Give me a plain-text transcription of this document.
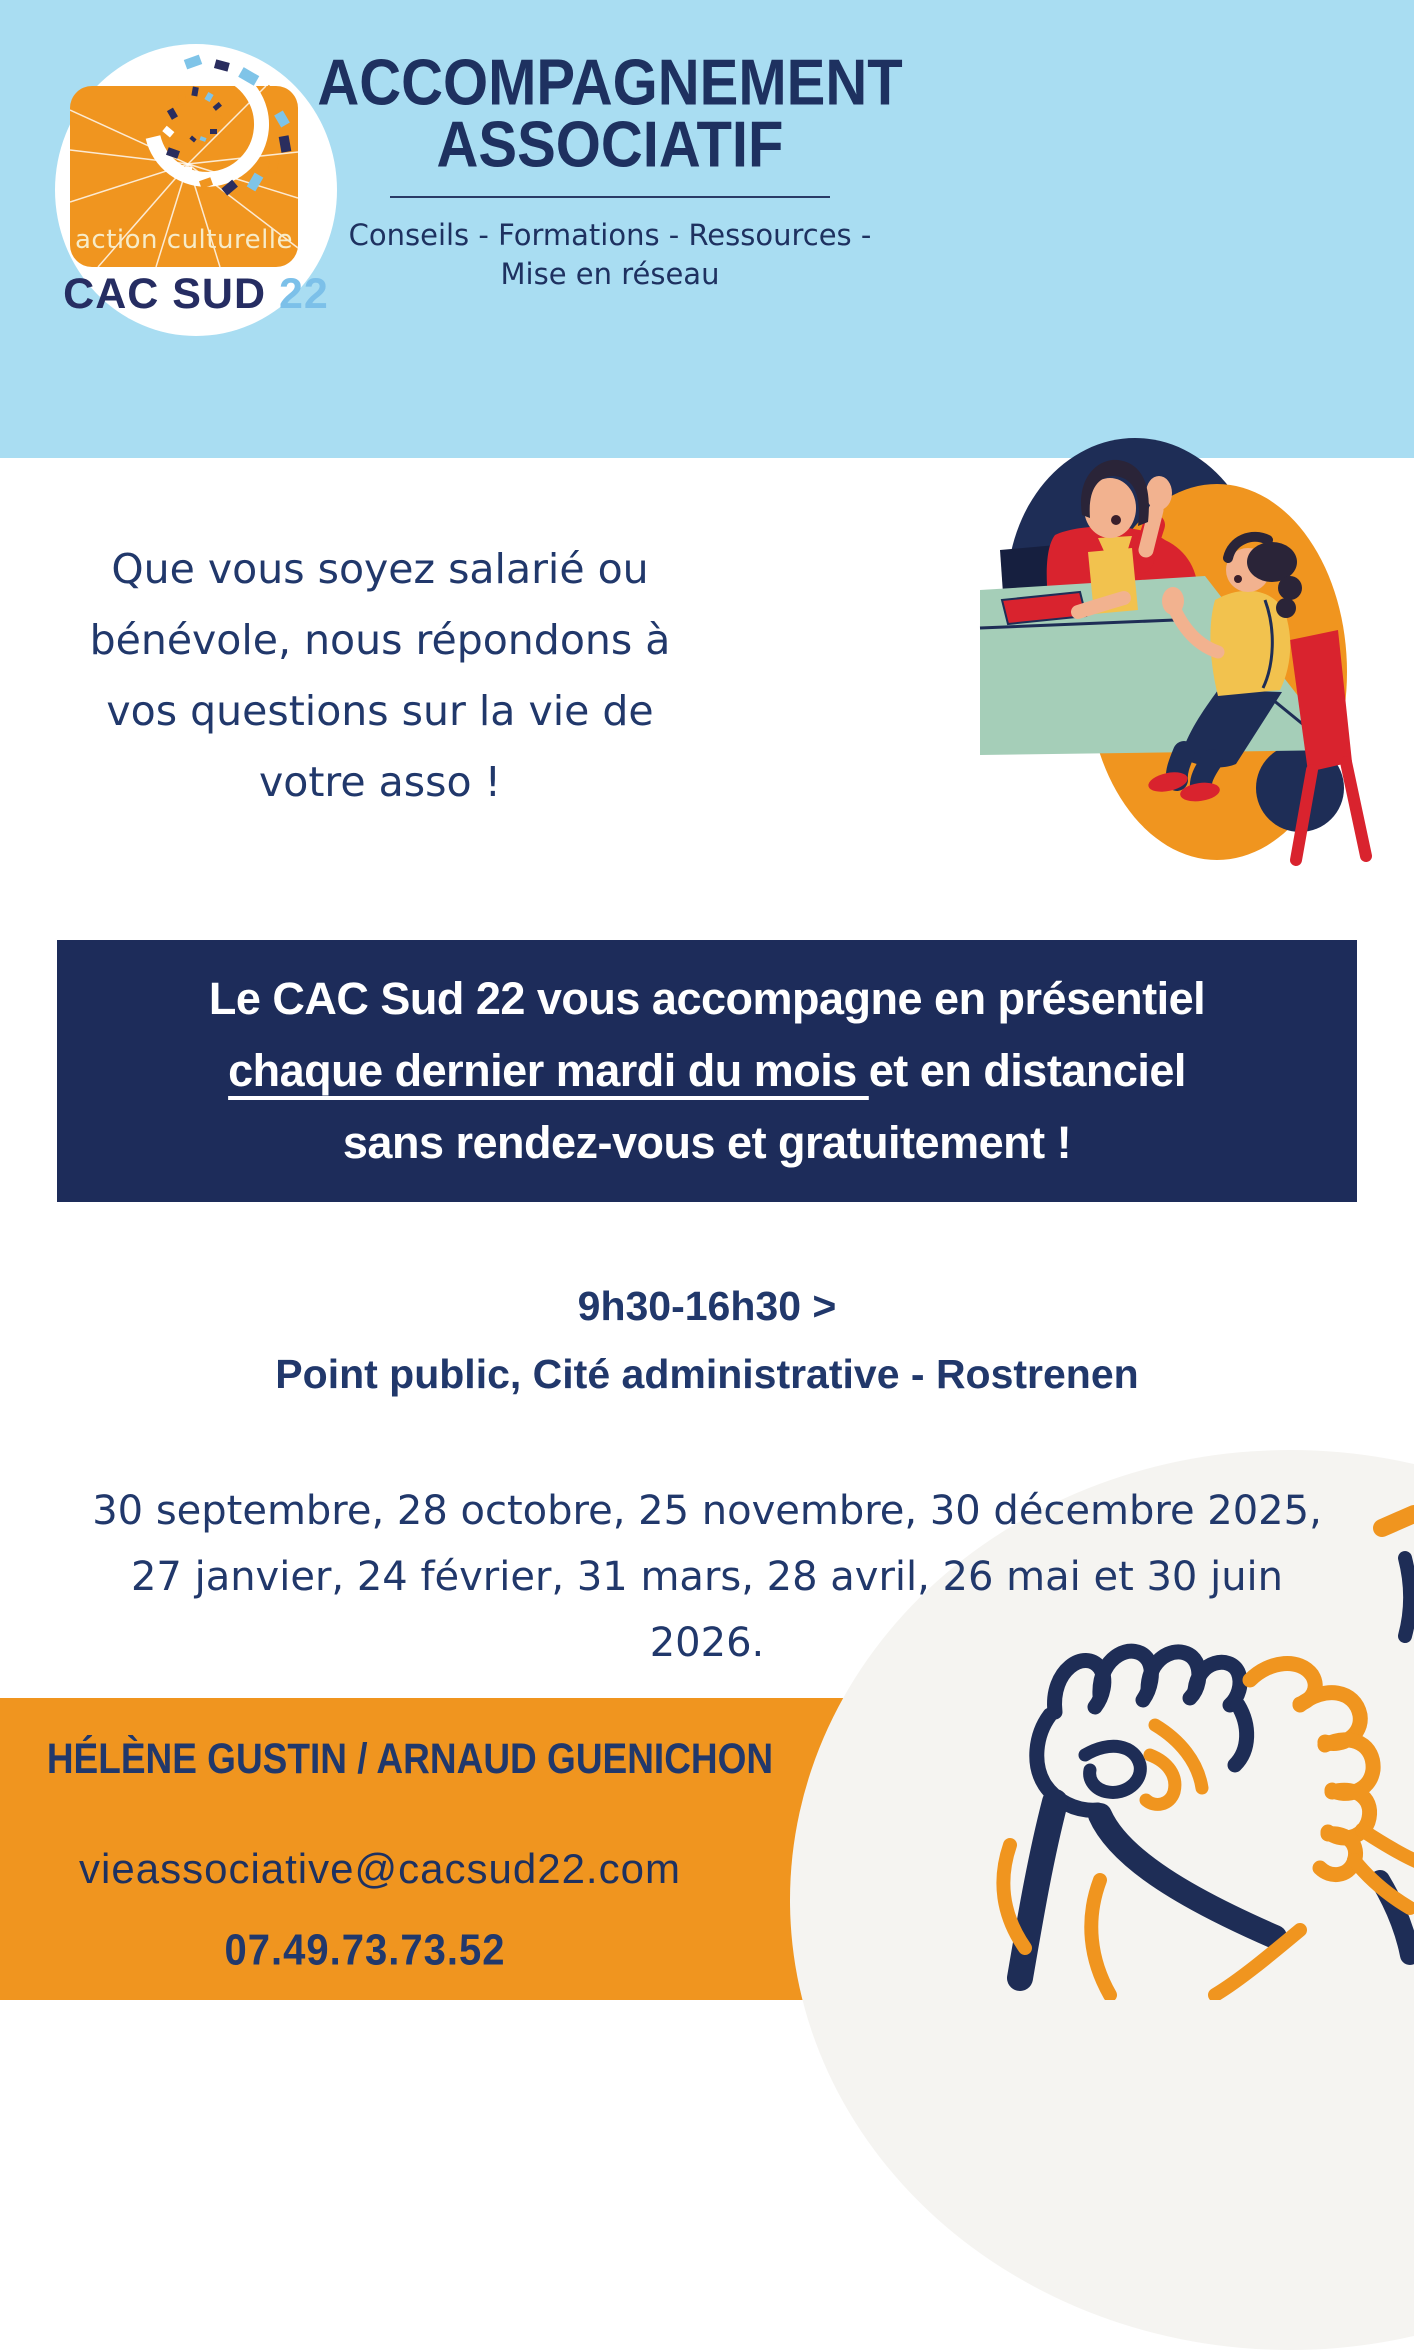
action culturelle
CAC SUD 22
ACCOMPAGNEMENT
ASSOCIATIF
Conseils - Formations - Ressources -
Mise en réseau
Que vous soyez salarié ou
bénévole, nous répondons à
vos questions sur la vie de
votre asso !
Le CAC Sud 22 vous accompagne en présentiel
chaque dernier mardi du mois et en distanciel
sans rendez-vous et gratuitement !
9h30-16h30 >
Point public, Cité administrative - Rostrenen
30 septembre, 28 octobre, 25 novembre, 30 décembre 2025,
27 janvier, 24 février, 31 mars, 28 avril, 26 mai et 30 juin
2026.
HÉLÈNE GUSTIN / ARNAUD GUENICHON
vieassociative@cacsud22.com
07.49.73.73.52
